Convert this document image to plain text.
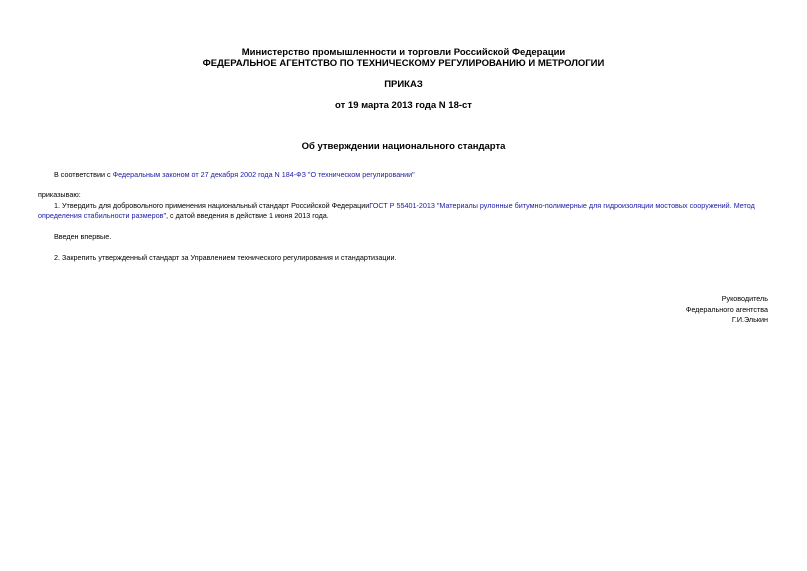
Министерство промышленности и торговли Российской Федерации
ФЕДЕРАЛЬНОЕ АГЕНТСТВО ПО ТЕХНИЧЕСКОМУ РЕГУЛИРОВАНИЮ И МЕТРОЛОГИИ
ПРИКАЗ
от 19 марта 2013 года N 18-ст
Об утверждении национального стандарта
В соответствии с Федеральным законом от 27 декабря 2002 года N 184-ФЗ "О техническом регулировании"
приказываю:
1. Утвердить для добровольного применения национальный стандарт Российской ФедерацииГОСТ Р 55401-2013 "Материалы рулонные битумно-полимерные для гидроизоляции мостовых сооружений. Метод
определения стабильности размеров", с датой введения в действие 1 июня 2013 года.
Введен впервые.
2. Закрепить утвержденный стандарт за Управлением технического регулирования и стандартизации.
Руководитель
Федерального агентства
Г.И.Элькин
